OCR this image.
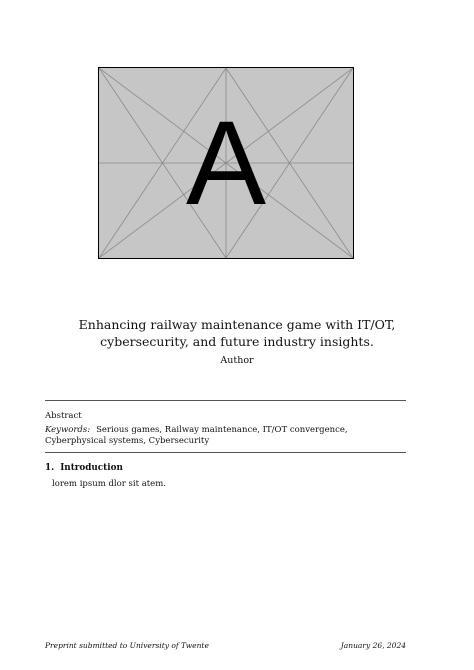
A
Enhancing railway maintenance game with IT/OT, cybersecurity, and future industry insights.
Author
Abstract
Keywords: Serious games, Railway maintenance, IT/OT convergence, Cyberphysical systems, Cybersecurity
1. Introduction
lorem ipsum dlor sit atem.
Preprint submitted to University of Twente	January 26, 2024
